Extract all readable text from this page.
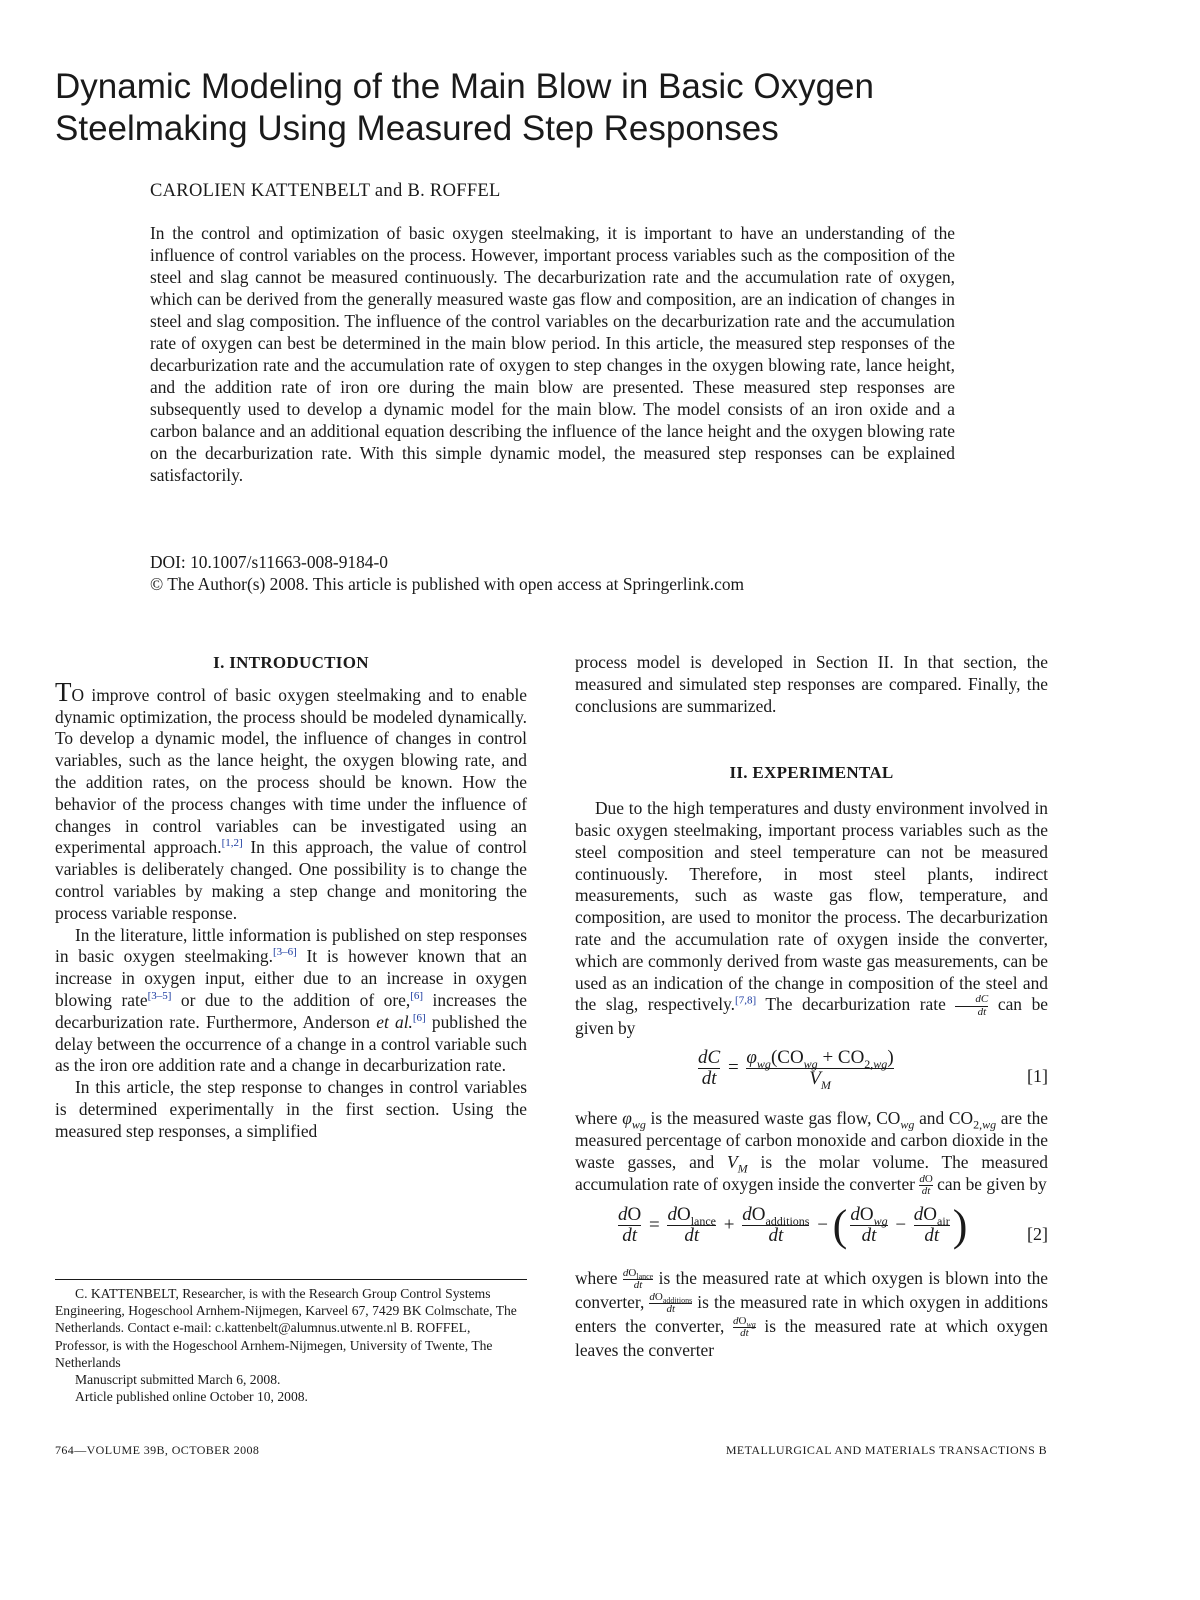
Dynamic Modeling of the Main Blow in Basic Oxygen
Steelmaking Using Measured Step Responses
CAROLIEN KATTENBELT and B. ROFFEL

In the control and optimization of basic oxygen steelmaking, it is important to have an understanding of the influence of control variables on the process. However, important process variables such as the composition of the steel and slag cannot be measured continuously. The decarburization rate and the accumulation rate of oxygen, which can be derived from the generally measured waste gas flow and composition, are an indication of changes in steel and slag composition. The influence of the control variables on the decarburization rate and the accumulation rate of oxygen can best be determined in the main blow period. In this article, the measured step responses of the decarburization rate and the accumulation rate of oxygen to step changes in the oxygen blowing rate, lance height, and the addition rate of iron ore during the main blow are presented. These measured step responses are subsequently used to develop a dynamic model for the main blow. The model consists of an iron oxide and a carbon balance and an additional equation describing the influence of the lance height and the oxygen blowing rate on the decarburization rate. With this simple dynamic model, the measured step responses can be explained satisfactorily.

DOI: 10.1007/s11663-008-9184-0
© The Author(s) 2008. This article is published with open access at Springerlink.com
I. INTRODUCTION

TO improve control of basic oxygen steelmaking and to enable dynamic optimization, the process should be modeled dynamically. To develop a dynamic model, the influence of changes in control variables, such as the lance height, the oxygen blowing rate, and the addition rates, on the process should be known. How the behavior of the process changes with time under the influence of changes in control variables can be investigated using an experimental approach.[1,2] In this approach, the value of control variables is deliberately changed. One possibility is to change the control variables by making a step change and monitoring the process variable response.

In the literature, little information is published on step responses in basic oxygen steelmaking.[3–6] It is however known that an increase in oxygen input, either due to an increase in oxygen blowing rate[3–5] or due to the addition of ore,[6] increases the decarburization rate. Furthermore, Anderson et al.[6] published the delay between the occurrence of a change in a control variable such as the iron ore addition rate and a change in decarburization rate.

In this article, the step response to changes in control variables is determined experimentally in the first section. Using the measured step responses, a simplified

C. KATTENBELT, Researcher, is with the Research Group Control Systems Engineering, Hogeschool Arnhem-Nijmegen, Karveel 67, 7429 BK Colmschate, The Netherlands. Contact e-mail: c.kattenbelt@alumnus.utwente.nl B. ROFFEL, Professor, is with the Hogeschool Arnhem-Nijmegen, University of Twente, The Netherlands

Manuscript submitted March 6, 2008.

Article published online October 10, 2008.

process model is developed in Section II. In that section, the measured and simulated step responses are compared. Finally, the conclusions are summarized.

II. EXPERIMENTAL

Due to the high temperatures and dusty environment involved in basic oxygen steelmaking, important process variables such as the steel composition and steel temperature can not be measured continuously. Therefore, in most steel plants, indirect measurements, such as waste gas flow, temperature, and composition, are used to monitor the process. The decarburization rate and the accumulation rate of oxygen inside the converter, which are commonly derived from waste gas measurements, can be used as an indication of the change in composition of the steel and the slag, respectively.[7,8] The decarburization rate $\frac{dC}{dt}$ can be given by

$\frac{dC}{dt} = \frac{\varphi_{wg}(CO_{wg} + CO_{2,wg})}{V_M}$	[1]

where $\varphi_{wg}$ is the measured waste gas flow, $CO_{wg}$ and $CO_{2,wg}$ are the measured percentage of carbon monoxide and carbon dioxide in the waste gasses, and $V_M$ is the molar volume. The measured accumulation rate of oxygen inside the converter $\frac{dO}{dt}$ can be given by

$\frac{dO}{dt} = \frac{dO_{lance}}{dt} + \frac{dO_{additions}}{dt}$ − ( $\frac{dO_{wg}}{dt} - \frac{dO_{air}}{dt}$ )	[2]

where $\frac{dO_{lance}}{dt}$ is the measured rate at which oxygen is blown into the converter, $\frac{dO_{additions}}{dt}$ is the measured rate in which oxygen in additions enters the converter, $\frac{dO_{wg}}{dt}$ is the measured rate at which oxygen leaves the converter

764—VOLUME 39B, OCTOBER 2008	METALLURGICAL AND MATERIALS TRANSACTIONS B
